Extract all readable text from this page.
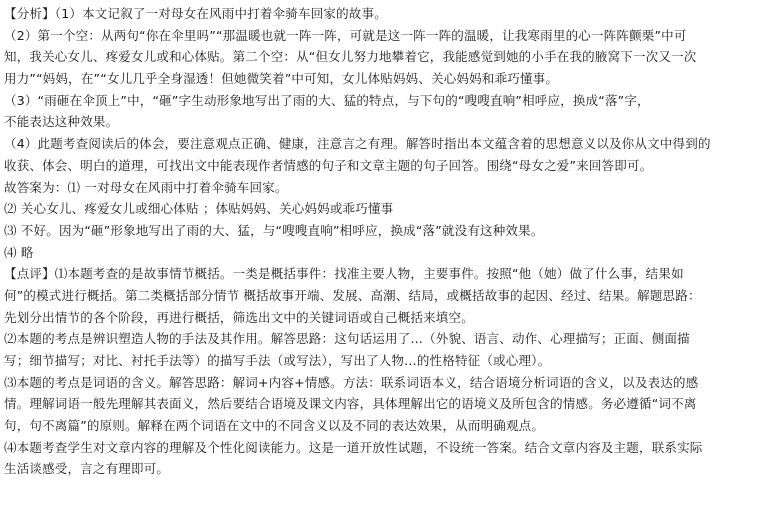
【分析】（1）本文记叙了一对母女在风雨中打着伞骑车回家的故事。
（2）第一个空：从两句“你在伞里吗”“那温暖也就一阵一阵，可就是这一阵一阵的温暖，让我寒雨里的心一阵阵颤栗”中可
知，我关心女儿、疼爱女儿或和心体贴。第二个空：从“但女儿努力地攀着它，我能感觉到她的小手在我的腋窝下一次又一次
用力”“妈妈，在”“女儿几乎全身湿透！但她微笑着”中可知，女儿体贴妈妈、关心妈妈和乖巧懂事。
（3）“雨砸在伞顶上”中，“砸”字生动形象地写出了雨的大、猛的特点，与下句的“嗖嗖直响”相呼应，换成“落”字，
不能表达这种效果。
（4）此题考查阅读后的体会，要注意观点正确、健康，注意言之有理。解答时指出本文蕴含着的思想意义以及你从文中得到的
收获、体会、明白的道理，可找出文中能表现作者情感的句子和文章主题的句子回答。围绕“母女之爱”来回答即可。
故答案为：⑴ 一对母女在风雨中打着伞骑车回家。
⑵ 关心女儿、疼爱女儿或细心体贴 ；体贴妈妈、关心妈妈或乖巧懂事
⑶ 不好。因为“砸”形象地写出了雨的大、猛，与“嗖嗖直响”相呼应，换成“落”就没有这种效果。
⑷ 略
【点评】⑴本题考查的是故事情节概括。一类是概括事件：找准主要人物，主要事件。按照“他（她）做了什么事，结果如
何”的模式进行概括。第二类概括部分情节 概括故事开端、发展、高潮、结局，或概括故事的起因、经过、结果。解题思路：
先划分出情节的各个阶段，再进行概括，筛选出文中的关键词语或自己概括来填空。
⑵本题的考点是辨识塑造人物的手法及其作用。解答思路：这句话运用了…（外貌、语言、动作、心理描写；正面、侧面描
写；细节描写；对比、衬托手法等）的描写手法（或写法），写出了人物…的性格特征（或心理）。
⑶本题的考点是词语的含义。解答思路：解词+内容+情感。方法：联系词语本义，结合语境分析词语的含义，以及表达的感
情。理解词语一般先理解其表面义，然后要结合语境及课文内容，具体理解出它的语境义及所包含的情感。务必遵循“词不离
句，句不离篇”的原则。解释在两个词语在文中的不同含义以及不同的表达效果，从而明确观点。
⑷本题考查学生对文章内容的理解及个性化阅读能力。这是一道开放性试题，不设统一答案。结合文章内容及主题，联系实际
生活谈感受，言之有理即可。
